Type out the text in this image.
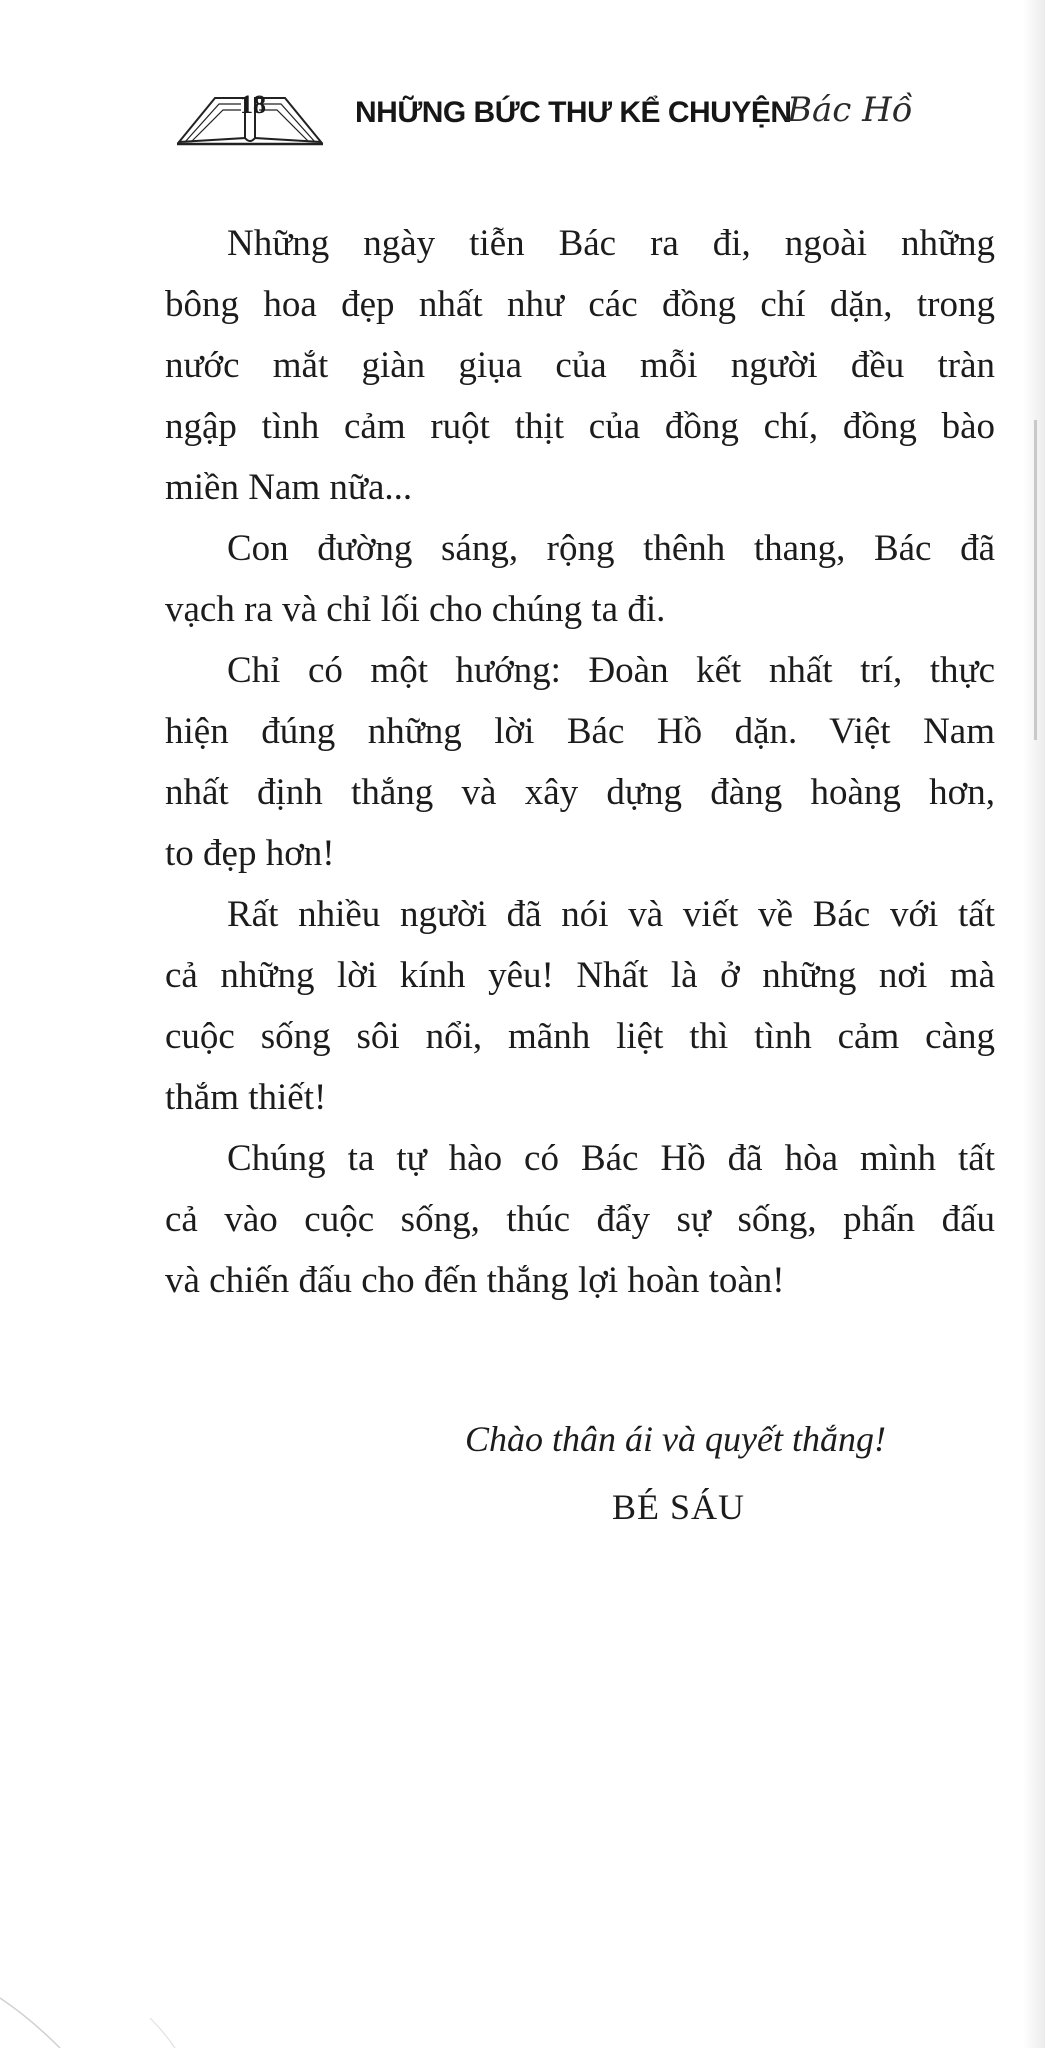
18	NHỮNG BỨC THƯ KỂ CHUYỆN
Bác Hồ
Những ngày tiễn Bác ra đi, ngoài những
bông hoa đẹp nhất như các đồng chí dặn, trong
nước mắt giàn giụa của mỗi người đều tràn
ngập tình cảm ruột thịt của đồng chí, đồng bào
miền Nam nữa...
Con đường sáng, rộng thênh thang, Bác đã
vạch ra và chỉ lối cho chúng ta đi.
Chỉ có một hướng: Đoàn kết nhất trí, thực
hiện đúng những lời Bác Hồ dặn. Việt Nam
nhất định thắng và xây dựng đàng hoàng hơn,
to đẹp hơn!
Rất nhiều người đã nói và viết về Bác với tất
cả những lời kính yêu! Nhất là ở những nơi mà
cuộc sống sôi nổi, mãnh liệt thì tình cảm càng
thắm thiết!
Chúng ta tự hào có Bác Hồ đã hòa mình tất
cả vào cuộc sống, thúc đẩy sự sống, phấn đấu
và chiến đấu cho đến thắng lợi hoàn toàn!
Chào thân ái và quyết thắng!
BÉ SÁU
